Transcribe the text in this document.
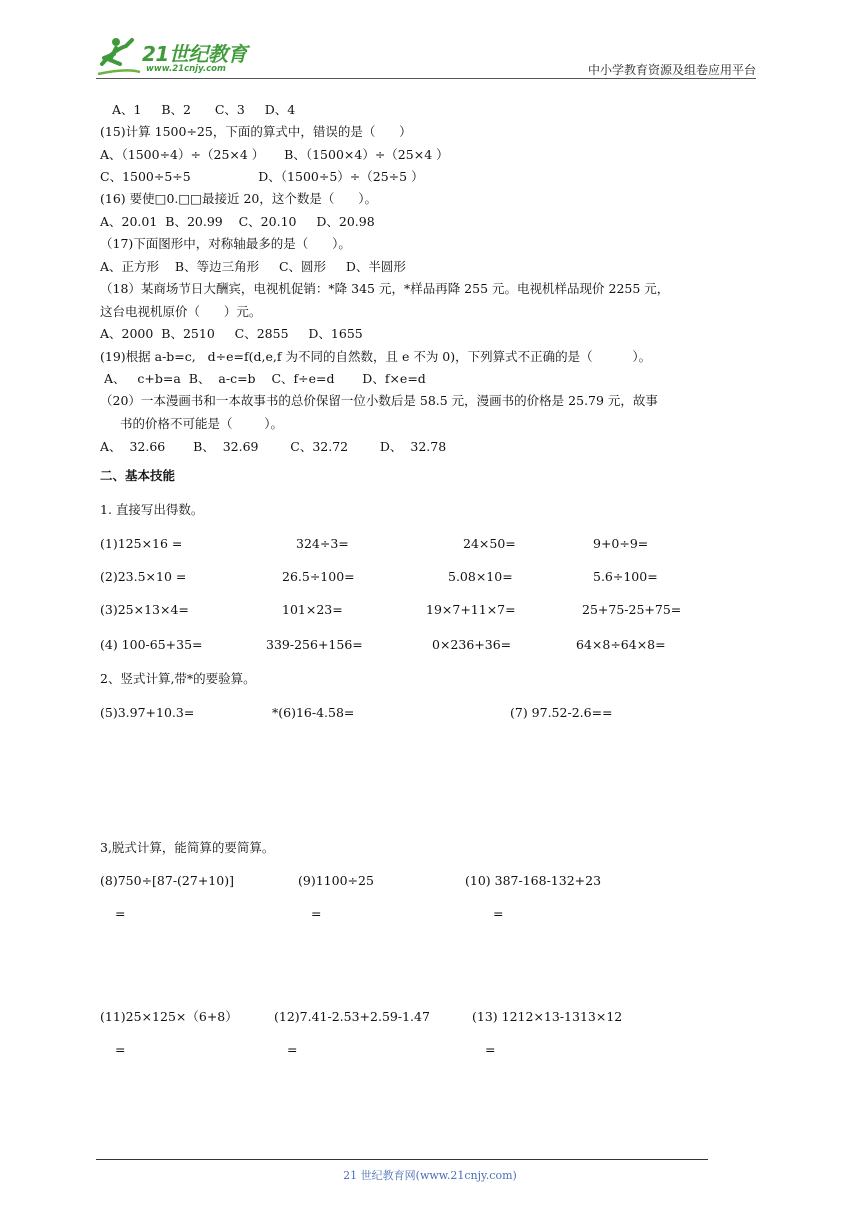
21世纪教育
www.21cnjy.com	中小学教育资源及组卷应用平台
A、1     B、2      C、3     D、4
(15)计算 1500÷25，下面的算式中，错误的是（      ）
A、（1500÷4）÷（25×4 ）     B、（1500×4）÷（25×4 ）
C、1500÷5÷5                 D、（1500÷5）÷（25÷5 ）
(16) 要使□0.□□最接近 20，这个数是（      ）。
A、20.01  B、20.99    C、20.10     D、20.98
（17)下面图形中，对称轴最多的是（      ）。
A、正方形    B、等边三角形     C、圆形     D、半圆形
（18）某商场节日大酬宾，电视机促销：*降 345 元，*样品再降 255 元。电视机样品现价 2255 元，
这台电视机原价（      ）元。
A、2000  B、2510     C、2855     D、1655
(19)根据 a-b=c,   d÷e=f(d,e,f 为不同的自然数，且 e 不为 0)，下列算式不正确的是（          ）。
A、   c+b=a  B、  a-c=b    C、f÷e=d       D、f×e=d
（20）一本漫画书和一本故事书的总价保留一位小数后是 58.5 元，漫画书的价格是 25.79 元，故事
书的价格不可能是（        ）。
A、  32.66       B、  32.69        C、32.72        D、  32.78
二、基本技能
1. 直接写出得数。
(1)125×16 =	324÷3=	24×50=	9+0÷9=
(2)23.5×10 =	26.5÷100=	5.08×10=	5.6÷100=
(3)25×13×4=	101×23=	19×7+11×7=	25+75-25+75=
(4) 100-65+35=	339-256+156=	0×236+36=	64×8÷64×8=
2、竖式计算,带*的要验算。
(5)3.97+10.3=	*(6)16-4.58=	(7) 97.52-2.6==
3,脱式计算，能简算的要简算。
(8)750÷[87-(27+10)]	(9)1100÷25	(10) 387-168-132+23
=	=	=
(11)25×125×（6+8）	(12)7.41-2.53+2.59-1.47	(13) 1212×13-1313×12
=	=	=
21 世纪教育网(www.21cnjy.com)
